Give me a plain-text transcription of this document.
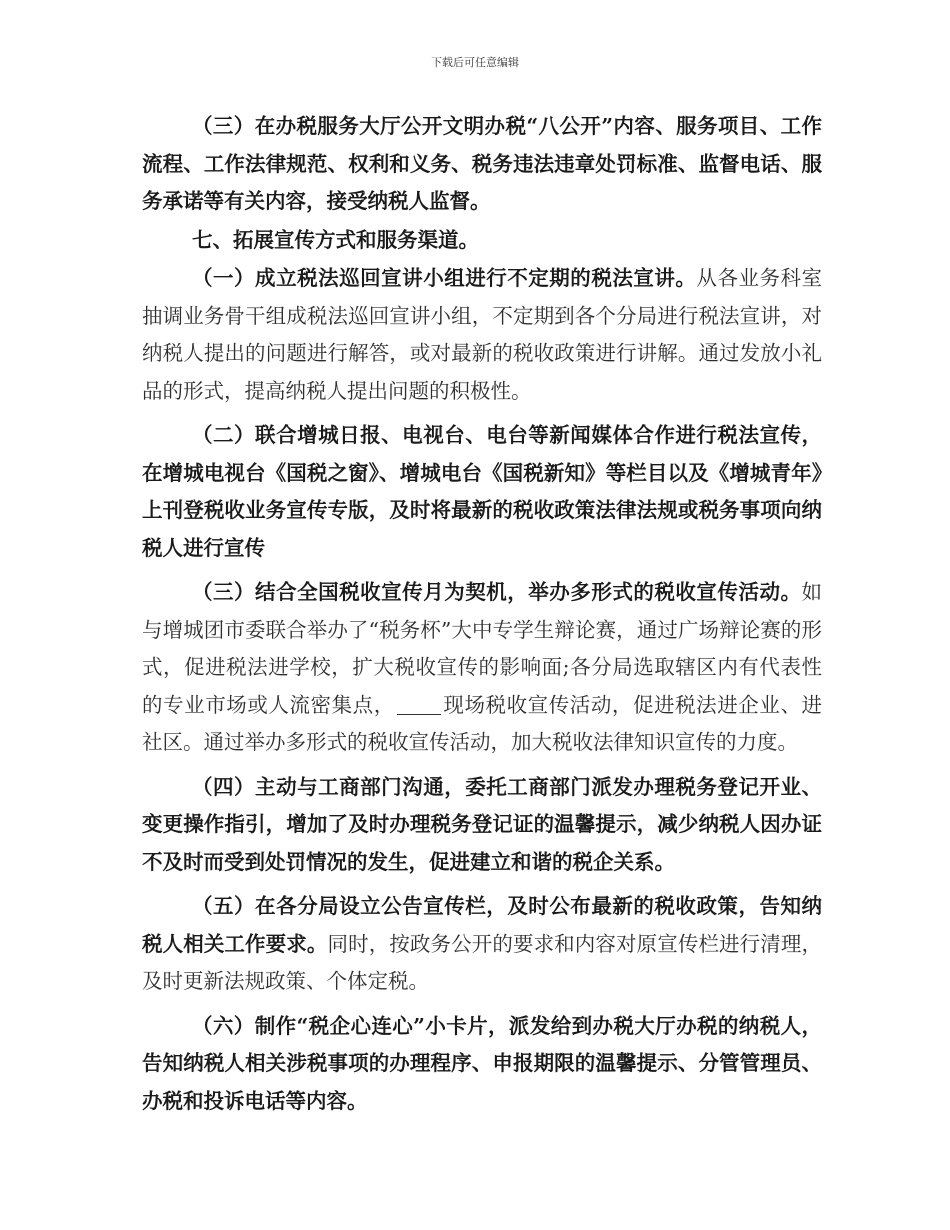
下载后可任意编辑

（三）在办税服务大厅公开文明办税“八公开”内容、服务项目、工作流程、工作法律规范、权利和义务、税务违法违章处罚标准、监督电话、服务承诺等有关内容，接受纳税人监督。

七、拓展宣传方式和服务渠道。

（一）成立税法巡回宣讲小组进行不定期的税法宣讲。从各业务科室抽调业务骨干组成税法巡回宣讲小组，不定期到各个分局进行税法宣讲，对纳税人提出的问题进行解答，或对最新的税收政策进行讲解。通过发放小礼品的形式，提高纳税人提出问题的积极性。

（二）联合增城日报、电视台、电台等新闻媒体合作进行税法宣传，在增城电视台《国税之窗》、增城电台《国税新知》等栏目以及《增城青年》上刊登税收业务宣传专版，及时将最新的税收政策法律法规或税务事项向纳税人进行宣传

（三）结合全国税收宣传月为契机，举办多形式的税收宣传活动。如与增城团市委联合举办了“税务杯”大中专学生辩论赛，通过广场辩论赛的形式，促进税法进学校，扩大税收宣传的影响面;各分局选取辖区内有代表性的专业市场或人流密集点， 现场税收宣传活动，促进税法进企业、进社区。通过举办多形式的税收宣传活动，加大税收法律知识宣传的力度。

（四）主动与工商部门沟通，委托工商部门派发办理税务登记开业、变更操作指引，增加了及时办理税务登记证的温馨提示，减少纳税人因办证不及时而受到处罚情况的发生，促进建立和谐的税企关系。

（五）在各分局设立公告宣传栏，及时公布最新的税收政策，告知纳税人相关工作要求。同时，按政务公开的要求和内容对原宣传栏进行清理，及时更新法规政策、个体定税。

（六）制作“税企心连心”小卡片，派发给到办税大厅办税的纳税人，告知纳税人相关涉税事项的办理程序、申报期限的温馨提示、分管管理员、办税和投诉电话等内容。
